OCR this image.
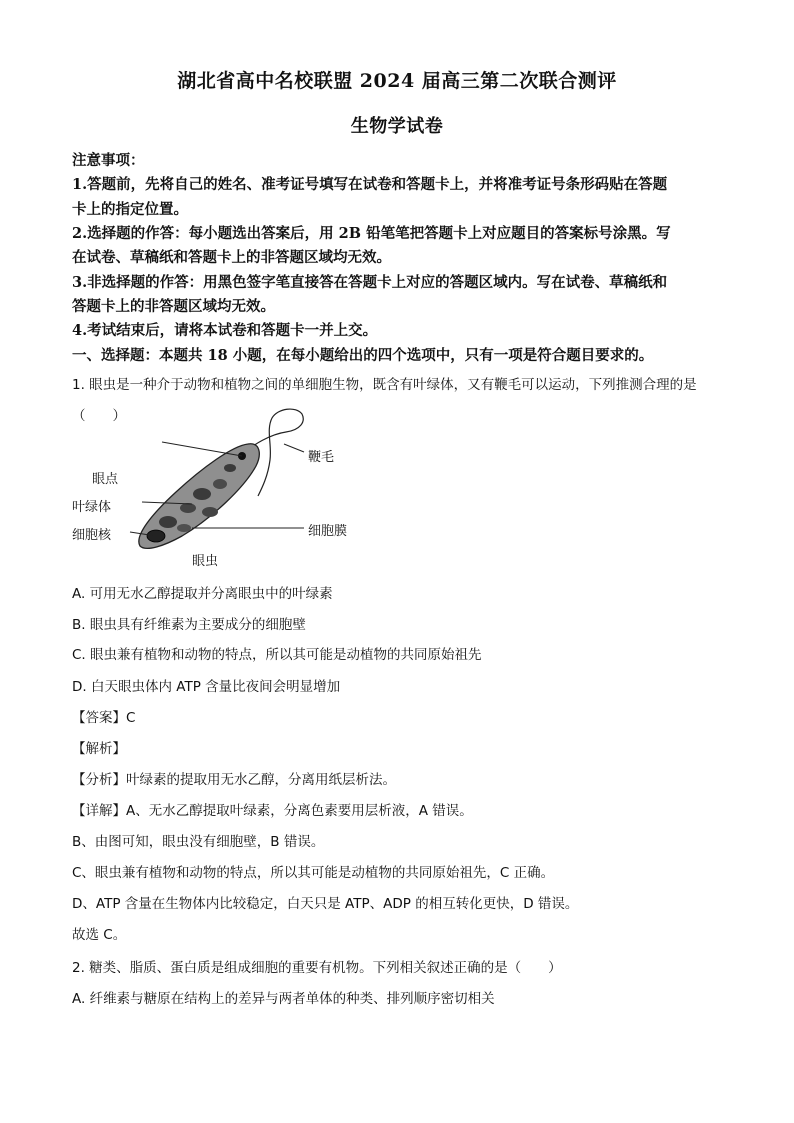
湖北省高中名校联盟 2024 届高三第二次联合测评
生物学试卷
注意事项：
1.答题前，先将自己的姓名、准考证号填写在试卷和答题卡上，并将准考证号条形码贴在答题
卡上的指定位置。
2.选择题的作答：每小题选出答案后，用 2B 铅笔笔把答题卡上对应题目的答案标号涂黑。写
在试卷、草稿纸和答题卡上的非答题区域均无效。
3.非选择题的作答：用黑色签字笔直接答在答题卡上对应的答题区域内。写在试卷、草稿纸和
答题卡上的非答题区域均无效。
4.考试结束后，请将本试卷和答题卡一并上交。
一、选择题：本题共 18 小题，在每小题给出的四个选项中，只有一项是符合题目要求的。
1. 眼虫是一种介于动物和植物之间的单细胞生物，既含有叶绿体，又有鞭毛可以运动，下列推测合理的是
（　　）
鞭毛
眼点
叶绿体
细胞核	细胞膜
眼虫
A. 可用无水乙醇提取并分离眼虫中的叶绿素
B. 眼虫具有纤维素为主要成分的细胞壁
C. 眼虫兼有植物和动物的特点，所以其可能是动植物的共同原始祖先
D. 白天眼虫体内 ATP 含量比夜间会明显增加
【答案】C
【解析】
【分析】叶绿素的提取用无水乙醇，分离用纸层析法。
【详解】A、无水乙醇提取叶绿素，分离色素要用层析液，A 错误。
B、由图可知，眼虫没有细胞壁，B 错误。
C、眼虫兼有植物和动物的特点，所以其可能是动植物的共同原始祖先，C 正确。
D、ATP 含量在生物体内比较稳定，白天只是 ATP、ADP 的相互转化更快，D 错误。
故选 C。
2. 糖类、脂质、蛋白质是组成细胞的重要有机物。下列相关叙述正确的是（　　）
A. 纤维素与糖原在结构上的差异与两者单体的种类、排列顺序密切相关
